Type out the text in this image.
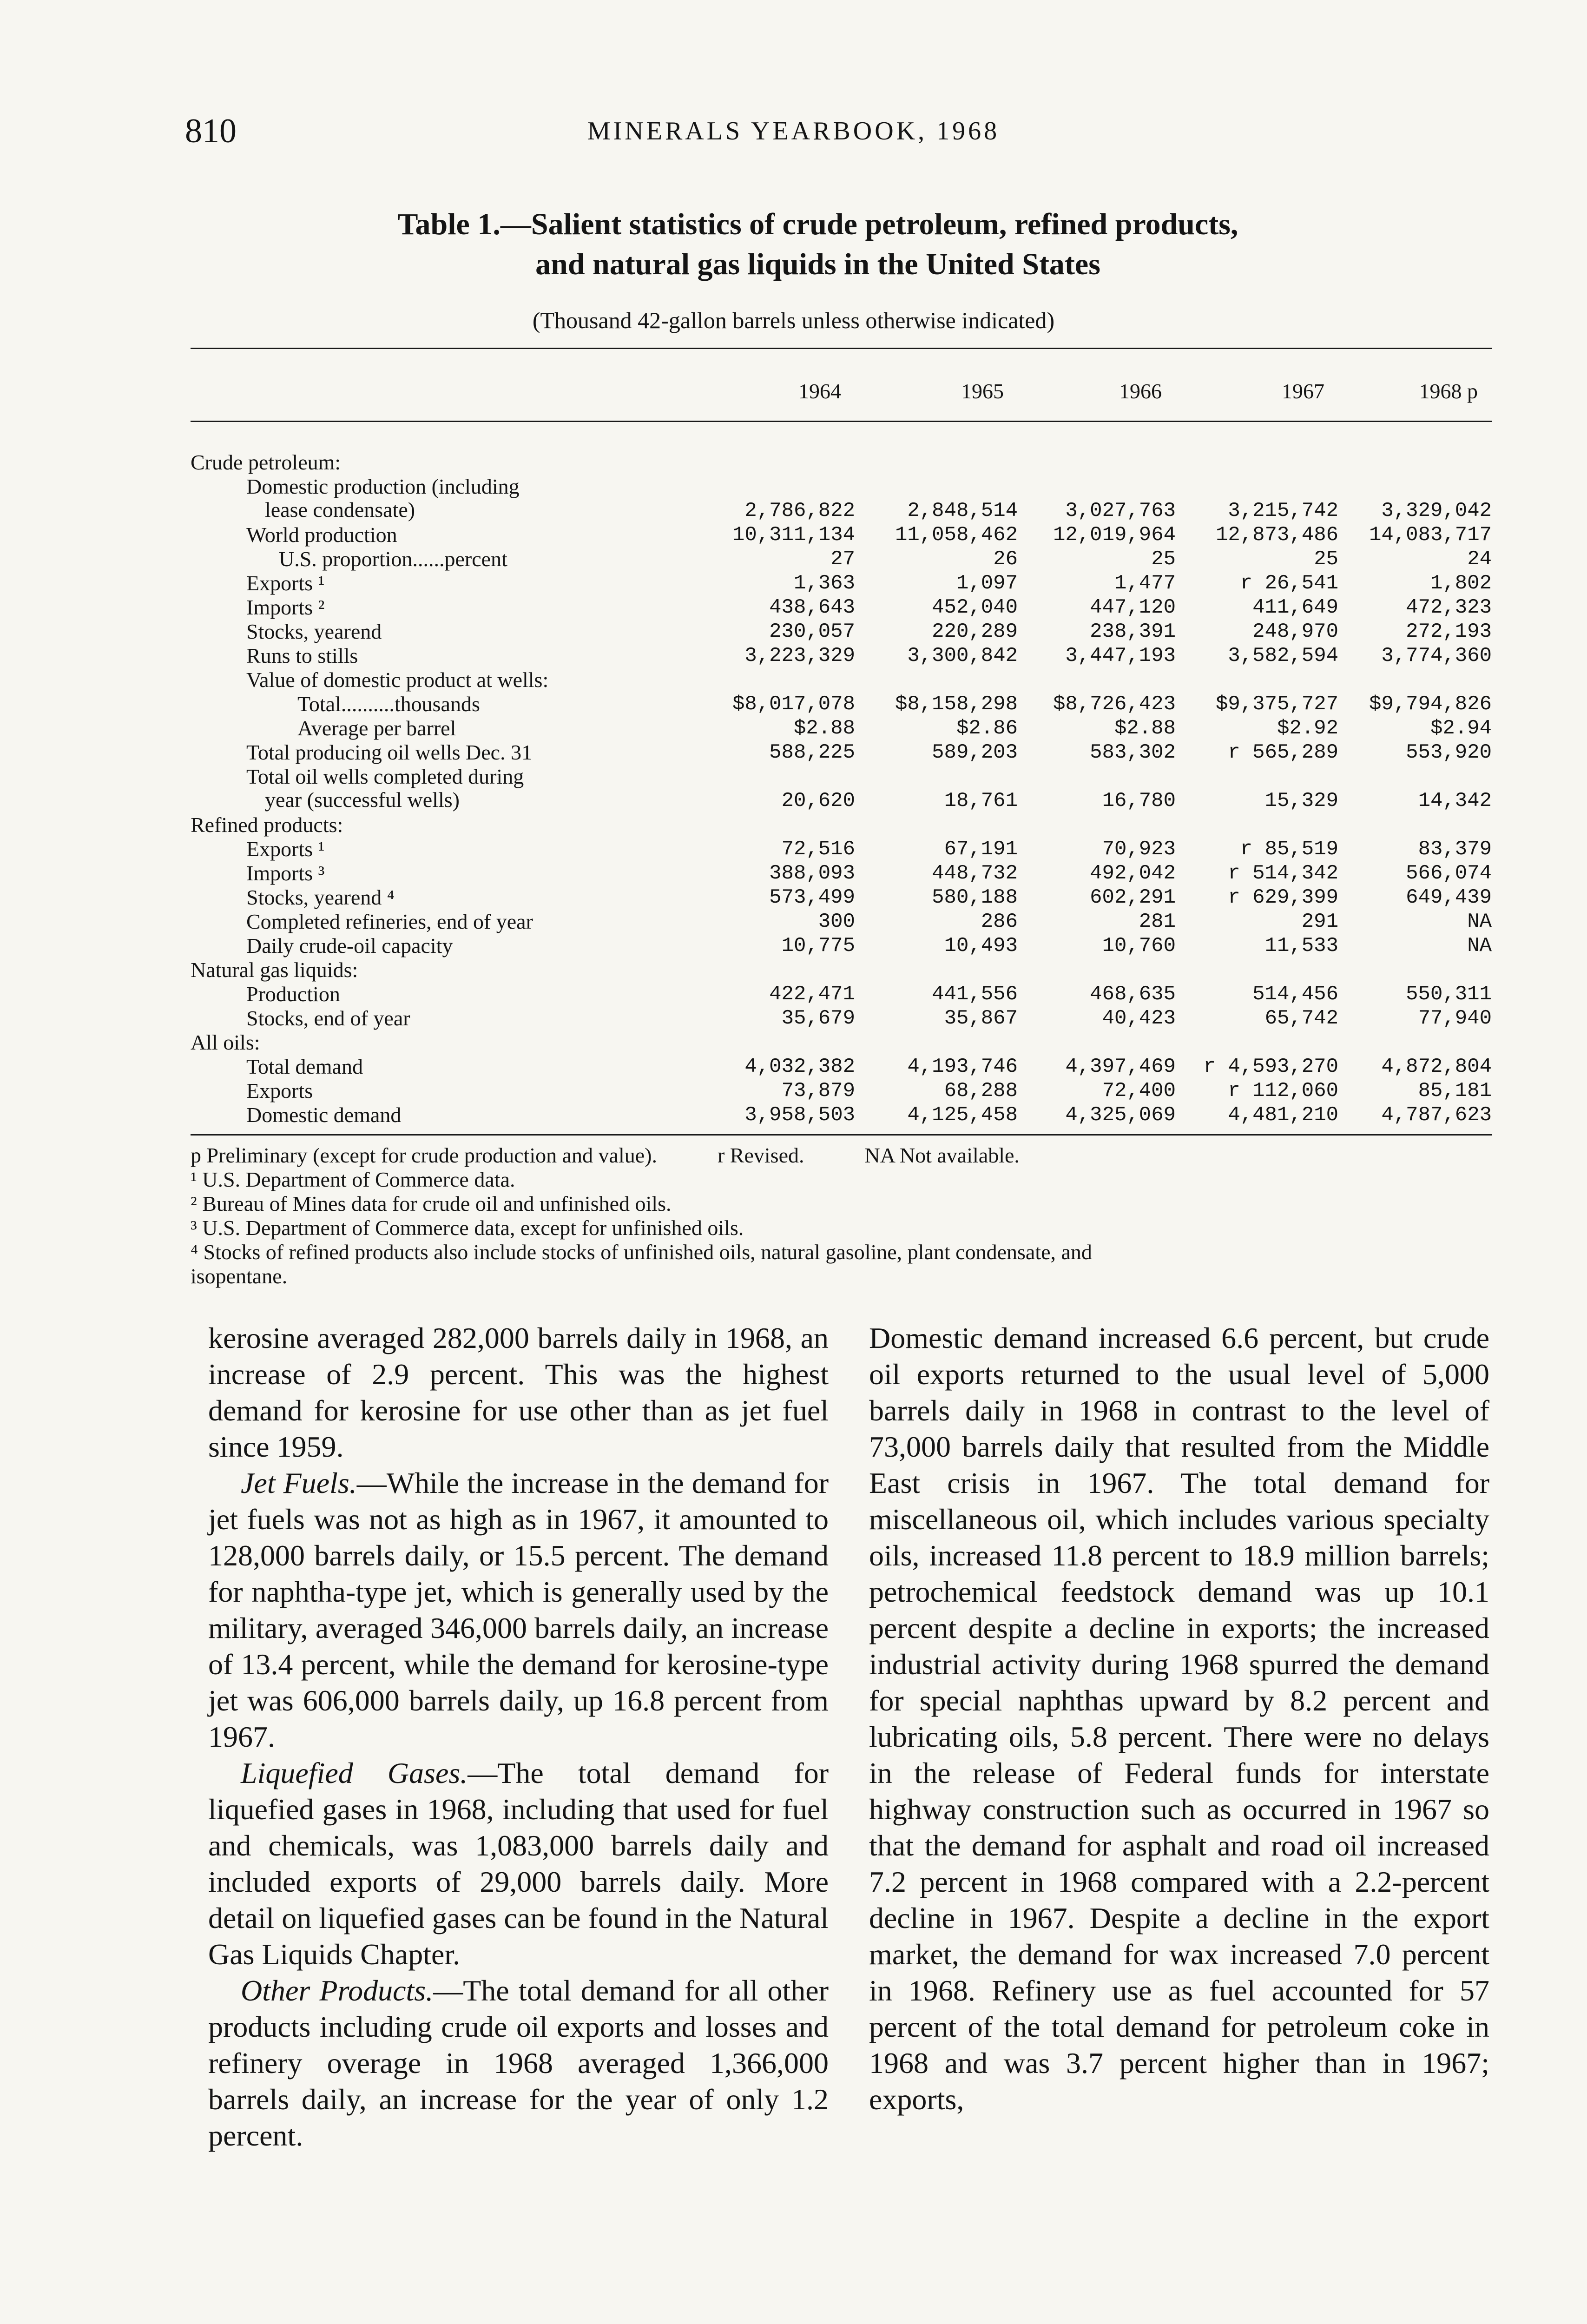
810	MINERALS YEARBOOK, 1968
Table 1.—Salient statistics of crude petroleum, refined products,
and natural gas liquids in the United States
(Thousand 42-gallon barrels unless otherwise indicated)
1964	1965	1966	1967	1968 p
Crude petroleum:
Domestic production (including
lease condensate)	2,786,822	2,848,514	3,027,763	3,215,742	3,329,042
World production	10,311,134	11,058,462	12,019,964	12,873,486	14,083,717
U.S. proportion......percent	27	26	25	25	24
Exports ¹	1,363	1,097	1,477	r 26,541	1,802
Imports ²	438,643	452,040	447,120	411,649	472,323
Stocks, yearend	230,057	220,289	238,391	248,970	272,193
Runs to stills	3,223,329	3,300,842	3,447,193	3,582,594	3,774,360
Value of domestic product at wells:
Total..........thousands	$8,017,078	$8,158,298	$8,726,423	$9,375,727	$9,794,826
Average per barrel	$2.88	$2.86	$2.88	$2.92	$2.94
Total producing oil wells Dec. 31	588,225	589,203	583,302	r 565,289	553,920
Total oil wells completed during
year (successful wells)	20,620	18,761	16,780	15,329	14,342
Refined products:
Exports ¹	72,516	67,191	70,923	r 85,519	83,379
Imports ³	388,093	448,732	492,042	r 514,342	566,074
Stocks, yearend ⁴	573,499	580,188	602,291	r 629,399	649,439
Completed refineries, end of year	300	286	281	291	NA
Daily crude-oil capacity	10,775	10,493	10,760	11,533	NA
Natural gas liquids:
Production	422,471	441,556	468,635	514,456	550,311
Stocks, end of year	35,679	35,867	40,423	65,742	77,940
All oils:
Total demand	4,032,382	4,193,746	4,397,469	r 4,593,270	4,872,804
Exports	73,879	68,288	72,400	r 112,060	85,181
Domestic demand	3,958,503	4,125,458	4,325,069	4,481,210	4,787,623
p Preliminary (except for crude production and value).	r Revised.	NA Not available.
¹ U.S. Department of Commerce data.
² Bureau of Mines data for crude oil and unfinished oils.
³ U.S. Department of Commerce data, except for unfinished oils.
⁴ Stocks of refined products also include stocks of unfinished oils, natural gasoline, plant condensate, and
isopentane.

kerosine averaged 282,000 barrels daily in 1968, an increase of 2.9 percent. This was the highest demand for kerosine for use other than as jet fuel since 1959.

Jet Fuels.—While the increase in the demand for jet fuels was not as high as in 1967, it amounted to 128,000 barrels daily, or 15.5 percent. The demand for naphtha-type jet, which is generally used by the military, averaged 346,000 barrels daily, an increase of 13.4 percent, while the demand for kerosine-type jet was 606,000 barrels daily, up 16.8 percent from 1967.

Liquefied Gases.—The total demand for liquefied gases in 1968, including that used for fuel and chemicals, was 1,083,000 barrels daily and included exports of 29,000 barrels daily. More detail on liquefied gases can be found in the Natural Gas Liquids Chapter.

Other Products.—The total demand for all other products including crude oil exports and losses and refinery overage in 1968 averaged 1,366,000 barrels daily, an increase for the year of only 1.2 percent.

Domestic demand increased 6.6 percent, but crude oil exports returned to the usual level of 5,000 barrels daily in 1968 in contrast to the level of 73,000 barrels daily that resulted from the Middle East crisis in 1967. The total demand for miscellaneous oil, which includes various specialty oils, increased 11.8 percent to 18.9 million barrels; petrochemical feedstock demand was up 10.1 percent despite a decline in exports; the increased industrial activity during 1968 spurred the demand for special naphthas upward by 8.2 percent and lubricating oils, 5.8 percent. There were no delays in the release of Federal funds for interstate highway construction such as occurred in 1967 so that the demand for asphalt and road oil increased 7.2 percent in 1968 compared with a 2.2-percent decline in 1967. Despite a decline in the export market, the demand for wax increased 7.0 percent in 1968. Refinery use as fuel accounted for 57 percent of the total demand for petroleum coke in 1968 and was 3.7 percent higher than in 1967; exports,
